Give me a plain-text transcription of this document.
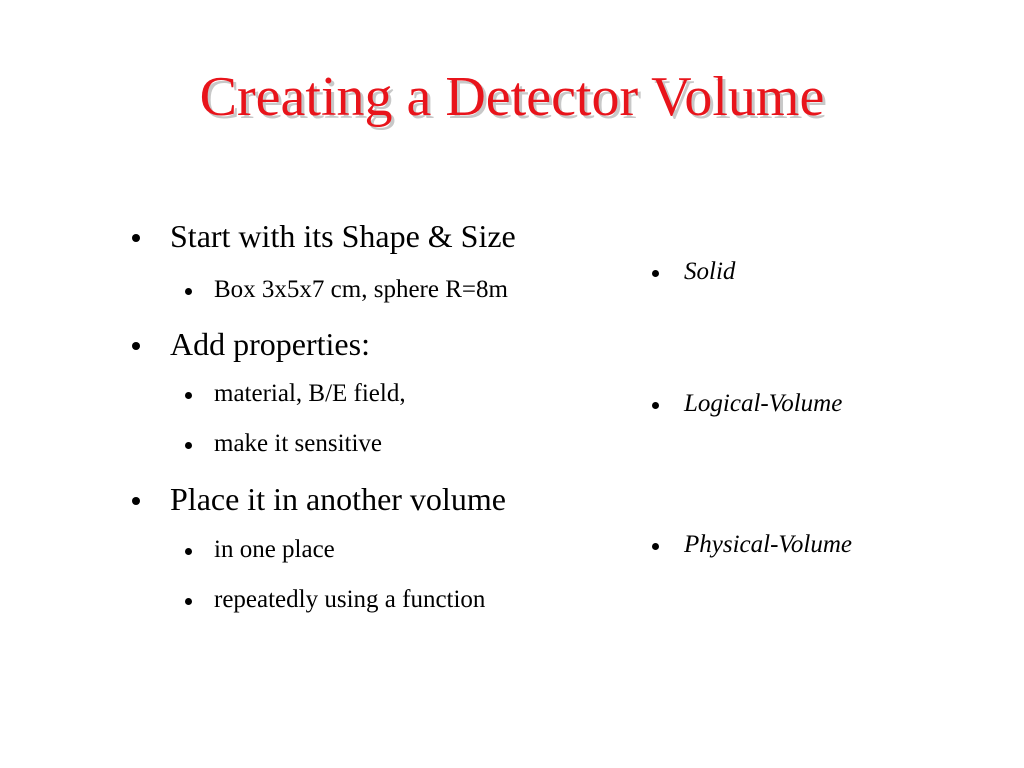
Creating a Detector Volume
Start with its Shape & Size
Box 3x5x7 cm, sphere R=8m
Add properties:
material, B/E field,
make it sensitive
Place it in another volume
in one place
repeatedly using a function
Solid
Logical-Volume
Physical-Volume
